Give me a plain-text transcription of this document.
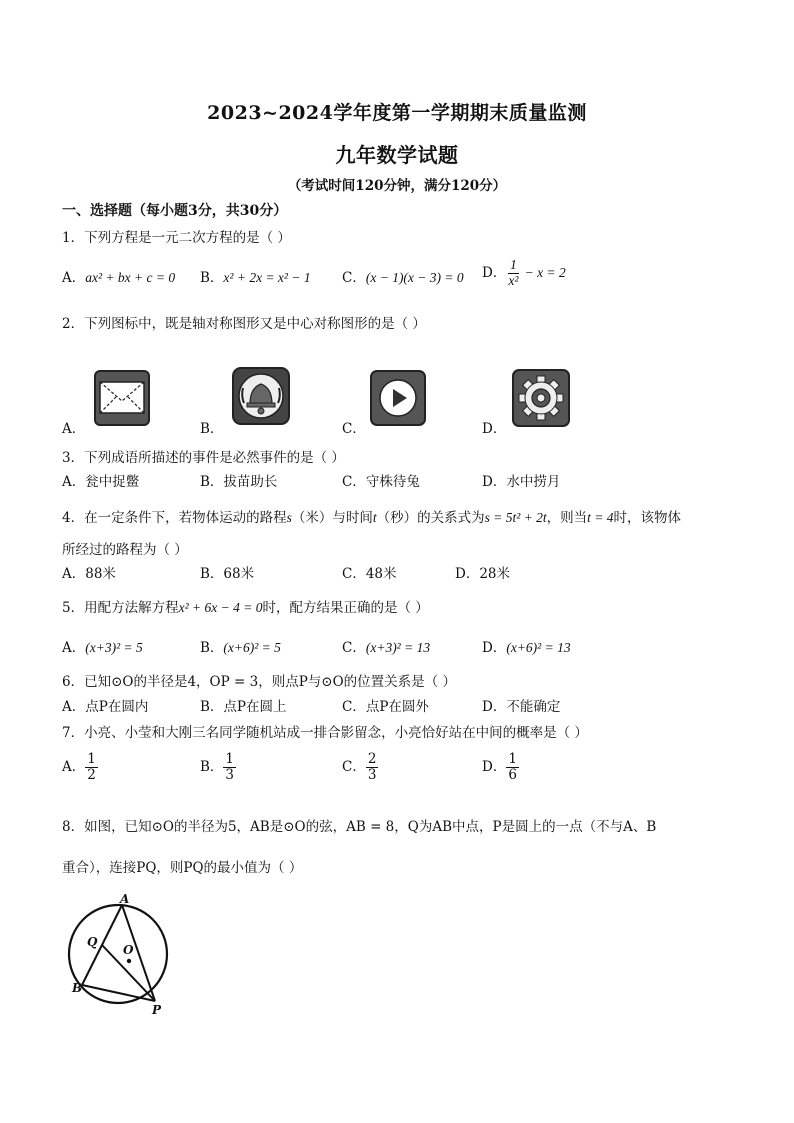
2023~2024学年度第一学期期末质量监测
九年数学试题
（考试时间120分钟，满分120分）
一、选择题（每小题3分，共30分）
1．下列方程是一元二次方程的是（ ）
A．ax² + bx + c = 0 B．x² + 2x = x² − 1 C．(x − 1)(x − 3) = 0 D． $\frac{1}{\text{x²}} - x = 2$
2．下列图标中，既是轴对称图形又是中心对称图形的是（ ）
A．	B．	C．	D．
3．下列成语所描述的事件是必然事件的是（ ）
A．瓮中捉鳖	B．拔苗助长	C．守株待兔	D．水中捞月
4．在一定条件下，若物体运动的路程s（米）与时间t（秒）的关系式为s = 5t² + 2t，则当t = 4时，该物体
所经过的路程为（ ）
A．88米	B．68米	C．48米	D．28米
5．用配方法解方程x² + 6x − 4 = 0时，配方结果正确的是（ ）
A．(x+3)² = 5	B．(x+6)² = 5	C．(x+3)² = 13	D．(x+6)² = 13
6．已知⊙O的半径是4，OP = 3，则点P与⊙O的位置关系是（ ）
A．点P在圆内	B．点P在圆上	C．点P在圆外	D．不能确定
7．小亮、小莹和大刚三名同学随机站成一排合影留念，小亮恰好站在中间的概率是（ ）
A． $\frac{1}{2}$	B． $\frac{1}{3}$	C． $\frac{2}{3}$	D． $\frac{1}{6}$
8．如图，已知⊙O的半径为5，AB是⊙O的弦，AB = 8，Q为AB中点，P是圆上的一点（不与A、B
重合），连接PQ，则PQ的最小值为（ ）
A
B
Q
O
P
